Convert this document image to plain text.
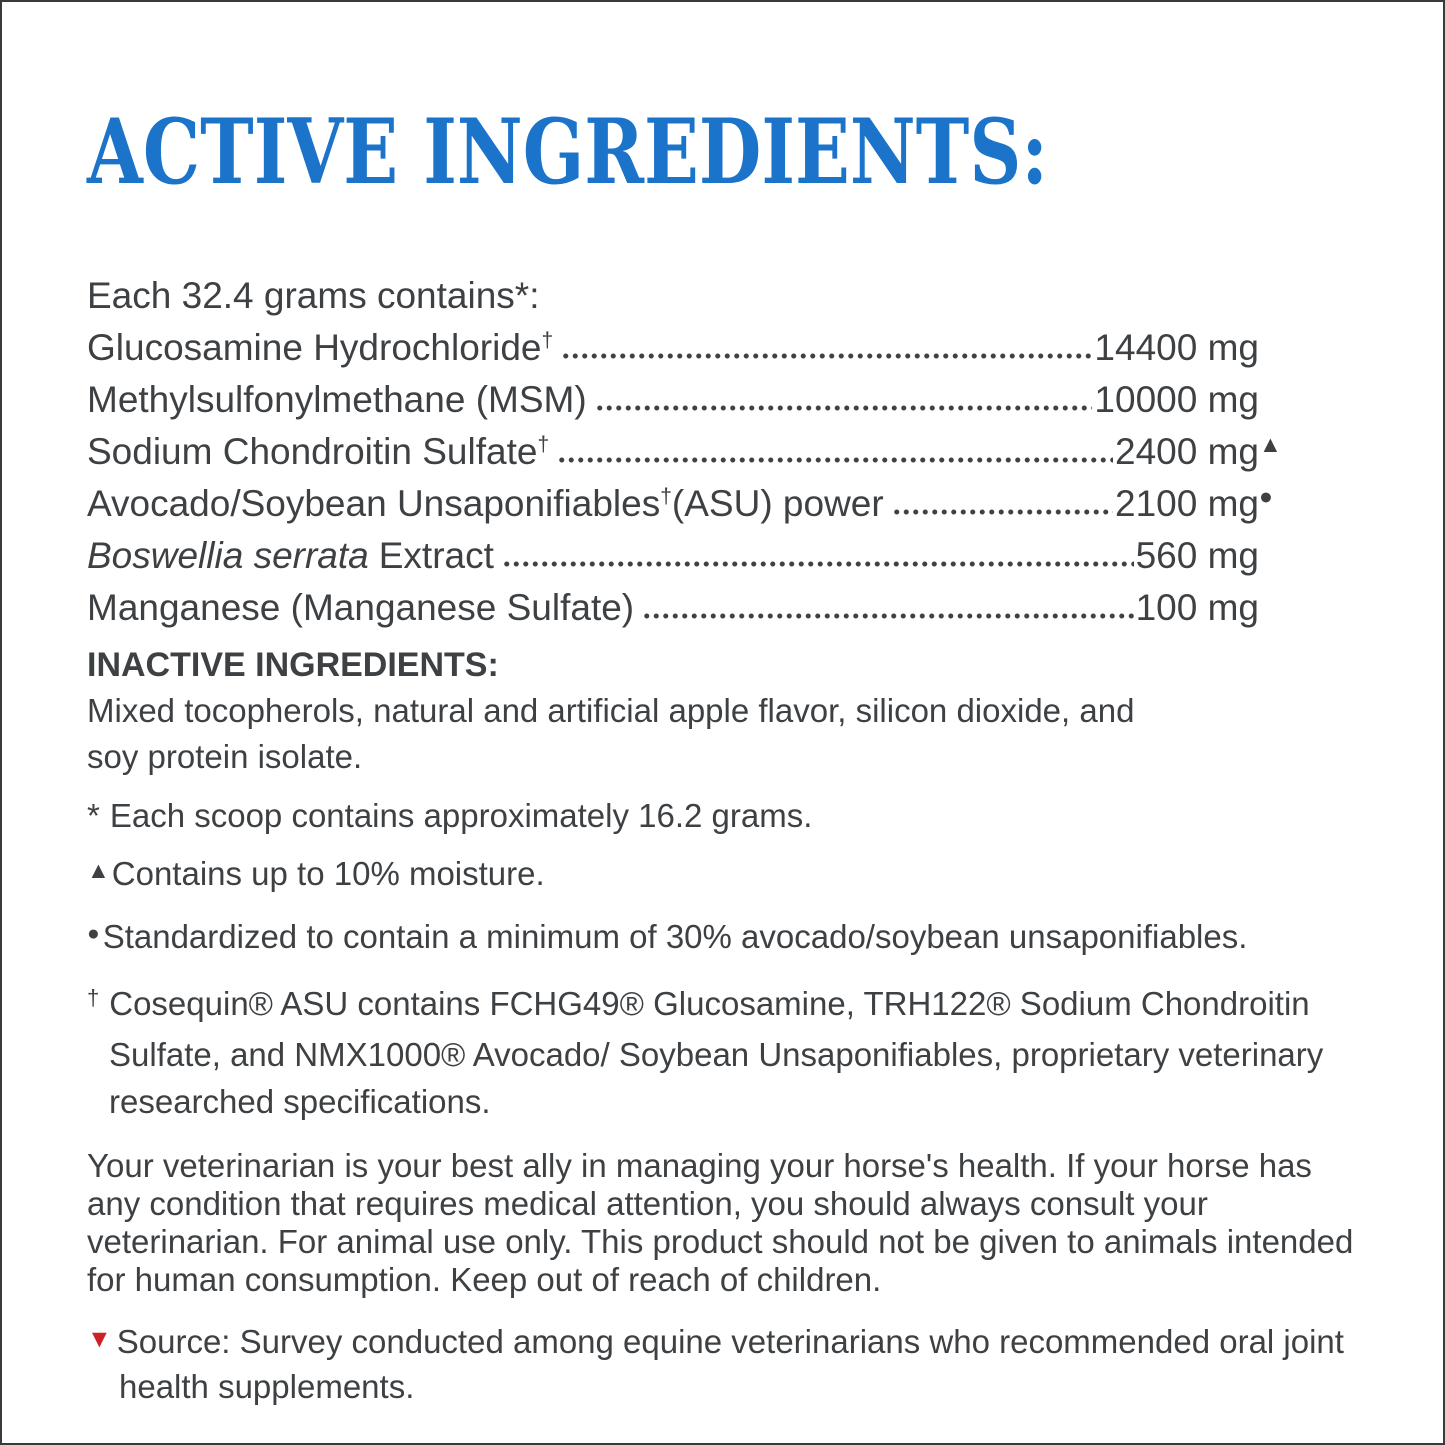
ACTIVE INGREDIENTS:
Each 32.4 grams contains*:
Glucosamine Hydrochloride †	14400 mg
Methylsulfonylmethane (MSM)	10000 mg
Sodium Chondroitin Sulfate †	2400 mg ▲
Avocado/Soybean Unsaponifiables † (ASU) power	2100 mg ●
Boswellia serrata Extract	560 mg
Manganese (Manganese Sulfate)	100 mg
INACTIVE INGREDIENTS:
Mixed tocopherols, natural and artificial apple flavor, silicon dioxide, and soy protein isolate.
* Each scoop contains approximately 16.2 grams.
▲Contains up to 10% moisture.
●Standardized to contain a minimum of 30% avocado/soybean unsaponifiables.
† Cosequin® ASU contains FCHG49® Glucosamine, TRH122® Sodium Chondroitin Sulfate, and NMX1000® Avocado/ Soybean Unsaponifiables, proprietary veterinary researched specifications.
Your veterinarian is your best ally in managing your horse's health. If your horse has any condition that requires medical attention, you should always consult your veterinarian. For animal use only. This product should not be given to animals intended for human consumption. Keep out of reach of children.
▼ Source: Survey conducted among equine veterinarians who recommended oral joint health supplements.
